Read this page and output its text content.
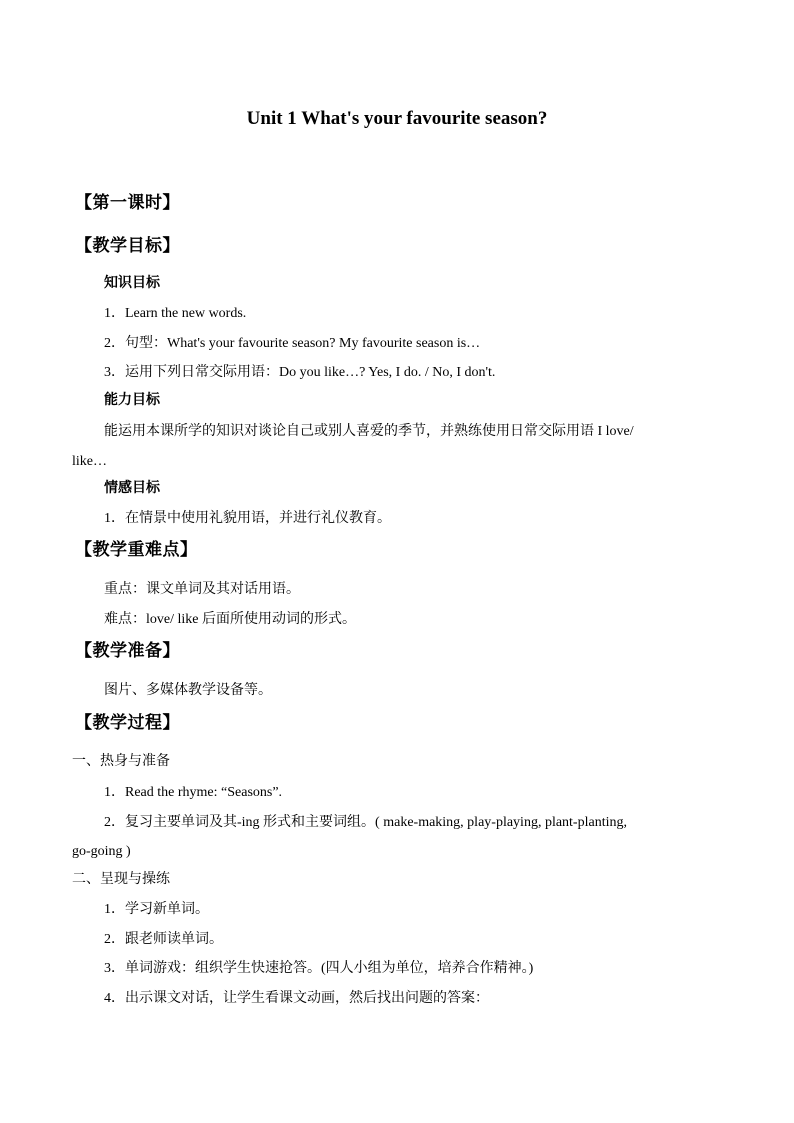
Unit 1 What's your favourite season?
【第一课时】
【教学目标】
知识目标
1．Learn the new words.
2．句型：What's your favourite season? My favourite season is…
3．运用下列日常交际用语：Do you like…? Yes, I do. / No, I don't.
能力目标
能运用本课所学的知识对谈论自己或别人喜爱的季节，并熟练使用日常交际用语 I love/
like…
情感目标
1．在情景中使用礼貌用语，并进行礼仪教育。
【教学重难点】
重点：课文单词及其对话用语。
难点：love/ like 后面所使用动词的形式。
【教学准备】
图片、多媒体教学设备等。
【教学过程】
一、热身与准备
1．Read the rhyme: “Seasons”.
2．复习主要单词及其-ing 形式和主要词组。( make-making, play-playing, plant-planting,
go-going )
二、呈现与操练
1．学习新单词。
2．跟老师读单词。
3．单词游戏：组织学生快速抢答。(四人小组为单位，培养合作精神。)
4．出示课文对话，让学生看课文动画，然后找出问题的答案：
